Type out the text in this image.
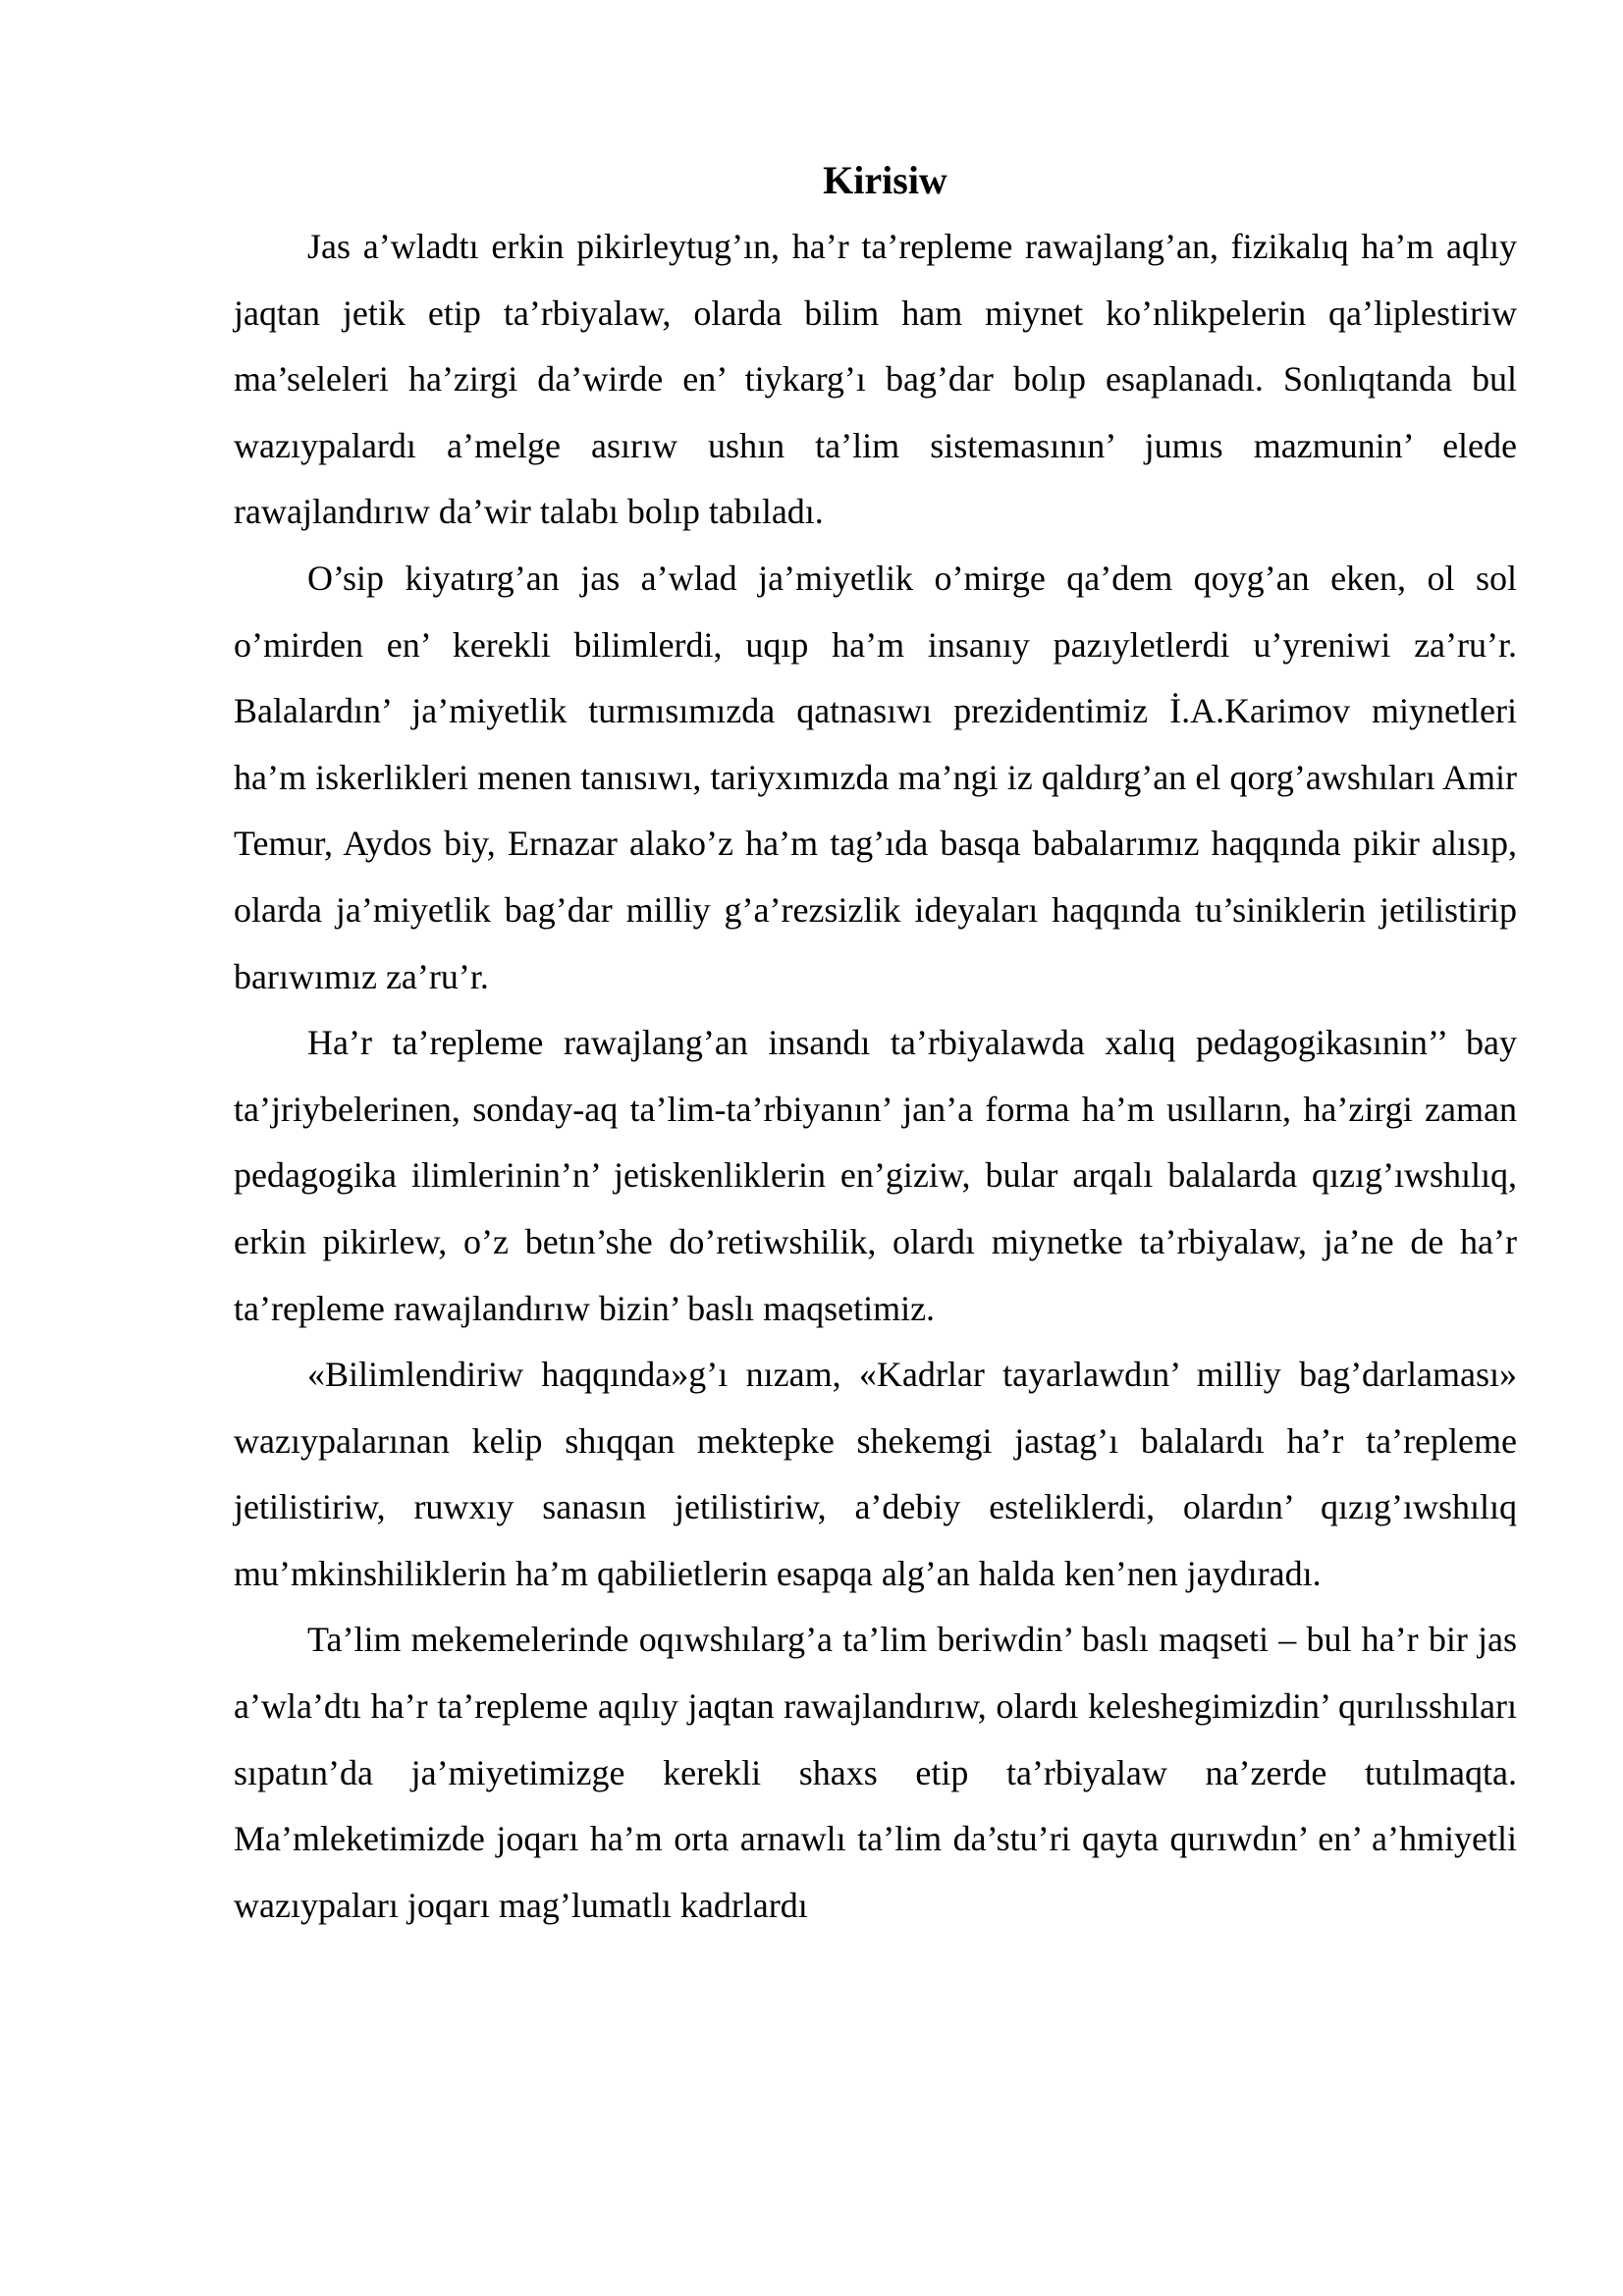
Kirisiw

Jas a’wladtı erkin pikirleytug’ın, ha’r ta’repleme rawajlang’an, fizikalıq ha’m aqlıy jaqtan jetik etip ta’rbiyalaw, olarda bilim ham miynet ko’nlikpelerin qa’liplestiriw ma’seleleri ha’zirgi da’wirde en’ tiykarg’ı bag’dar bolıp esaplanadı. Sonlıqtanda bul wazıypalardı a’melge asırıw ushın ta’lim sistemasının’ jumıs mazmunin’ elede rawajlandırıw da’wir talabı bolıp tabıladı.

O’sip kiyatırg’an jas a’wlad ja’miyetlik o’mirge qa’dem qoyg’an eken, ol sol o’mirden en’ kerekli bilimlerdi, uqıp ha’m insanıy pazıyletlerdi u’yreniwi za’ru’r. Balalardın’ ja’miyetlik turmısımızda qatnasıwı prezidentimiz İ.A.Karimov miynetleri ha’m iskerlikleri menen tanısıwı, tariyxımızda ma’ngi iz qaldırg’an el qorg’awshıları Amir Temur, Aydos biy, Ernazar alako’z ha’m tag’ıda basqa babalarımız haqqında pikir alısıp, olarda ja’miyetlik bag’dar milliy g’a’rezsizlik ideyaları haqqında tu’siniklerin jetilistirip barıwımız za’ru’r.

Ha’r ta’repleme rawajlang’an insandı ta’rbiyalawda xalıq pedagogikasınin’’ bay ta’jriybelerinen, sonday-aq ta’lim-ta’rbiyanın’ jan’a forma ha’m usılların, ha’zirgi zaman pedagogika ilimlerinin’n’ jetiskenliklerin en’giziw, bular arqalı balalarda qızıg’ıwshılıq, erkin pikirlew, o’z betın’she do’retiwshilik, olardı miynetke ta’rbiyalaw, ja’ne de ha’r ta’repleme rawajlandırıw bizin’ baslı maqsetimiz.

«Bilimlendiriw haqqında»g’ı nızam, «Kadrlar tayarlawdın’ milliy bag’darlaması» wazıypalarınan kelip shıqqan mektepke shekemgi jastag’ı balalardı ha’r ta’repleme jetilistiriw, ruwxıy sanasın jetilistiriw, a’debiy esteliklerdi, olardın’ qızıg’ıwshılıq mu’mkinshiliklerin ha’m qabilietlerin esapqa alg’an halda ken’nen jaydıradı.

Ta’lim mekemelerinde oqıwshılarg’a ta’lim beriwdin’ baslı maqseti – bul ha’r bir jas a’wla’dtı ha’r ta’repleme aqılıy jaqtan rawajlandırıw, olardı keleshegimizdin’ qurılısshıları sıpatın’da ja’miyetimizge kerekli shaxs etip ta’rbiyalaw na’zerde tutılmaqta. Ma’mleketimizde joqarı ha’m orta arnawlı ta’lim da’stu’ri qayta qurıwdın’ en’ a’hmiyetli wazıypaları joqarı mag’lumatlı kadrlardı
